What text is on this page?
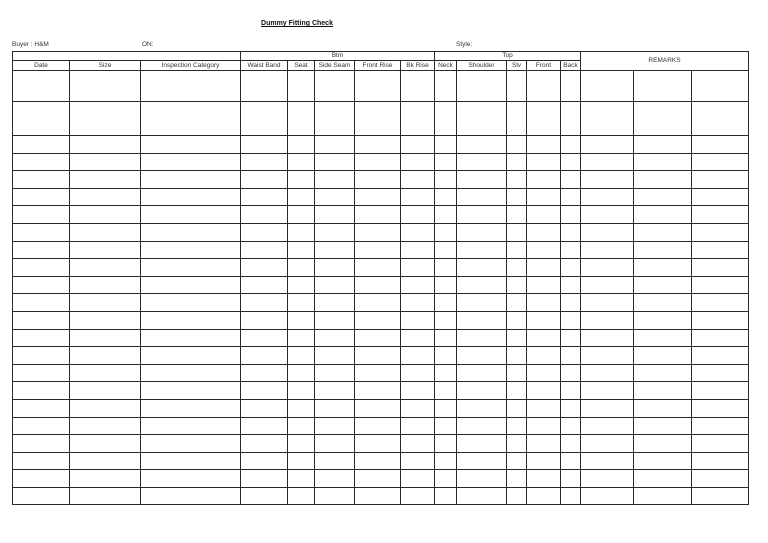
Dummy Fitting Check
Buyer : H&M	ON:	Style:
			Btm					Top					REMARKS		
Date	Size	Inspection Category	Waist Band	Seat	Side Seam	Front Rise	Bk Rise	Neck	Shoulder	Slv	Front	Back			
